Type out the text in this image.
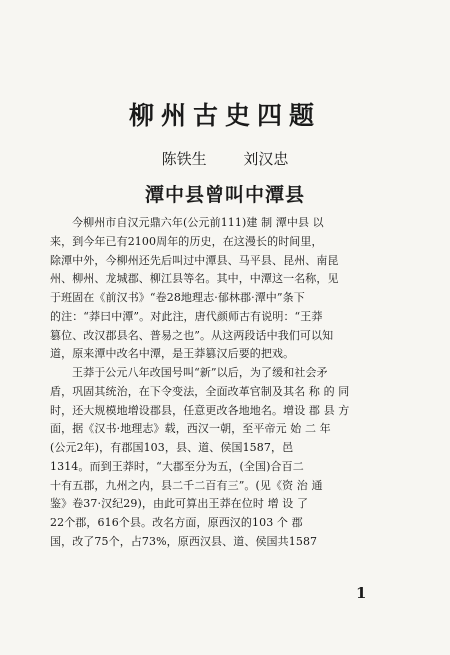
柳州古史四题

陈铁生 刘汉忠

潭中县曾叫中潭县
今柳州市自汉元鼎六年(公元前111)建 制 潭中县 以
来，到今年已有2100周年的历史，在这漫长的时间里，
除潭中外，今柳州还先后叫过中潭县、马平县、昆州、南昆
州、柳州、龙城郡、柳江县等名。其中，中潭这一名称，见
于班固在《前汉书》“卷28地理志·郁林郡·潭中”条下
的注：“莽曰中潭”。对此注，唐代颜师古有说明：“王莽
篡位、改汉郡县名、普易之也”。从这两段话中我们可以知
道，原来潭中改名中潭，是王莽篡汉后要的把戏。
王莽于公元八年改国号叫“新”以后，为了缓和社会矛
盾，巩固其统治，在下令变法，全面改革官制及其名 称 的 同
时，还大规模地增设郡县，任意更改各地地名。增设 郡 县 方
面，据《汉书·地理志》载，西汉一朝，至平帝元 始 二 年
(公元2年)，有郡国103，县、道、侯国1587，邑
1314。而到王莽时，“大郡至分为五，(全国)合百二
十有五郡，九州之内，县二千二百有三”。(见《资 治 通
鉴》卷37·汉纪29)，由此可算出王莽在位时 增 设 了
22个郡，616个县。改名方面，原西汉的103 个 郡
国，改了75个，占73%，原西汉县、道、侯国共1587

1
